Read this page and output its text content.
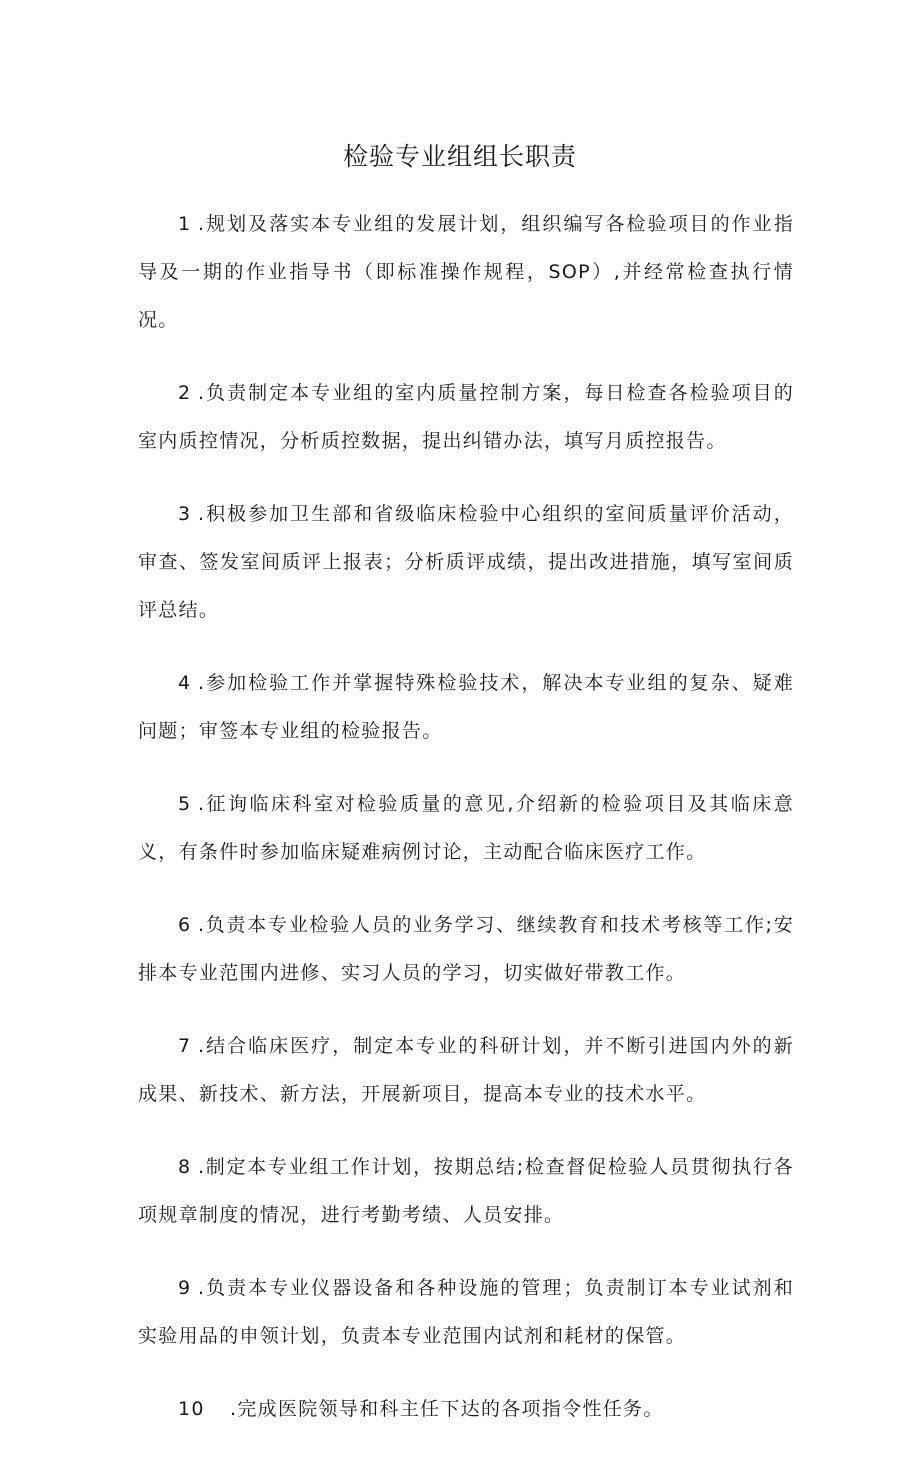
检验专业组组长职责

1 .规划及落实本专业组的发展计划，组织编写各检验项目的作业指导及一期的作业指导书（即标准操作规程，SOP）,并经常检查执行情况。

2 .负责制定本专业组的室内质量控制方案，每日检查各检验项目的室内质控情况，分析质控数据，提出纠错办法，填写月质控报告。

3 .积极参加卫生部和省级临床检验中心组织的室间质量评价活动，审查、签发室间质评上报表；分析质评成绩，提出改进措施，填写室间质评总结。

4 .参加检验工作并掌握特殊检验技术，解决本专业组的复杂、疑难问题；审签本专业组的检验报告。

5 .征询临床科室对检验质量的意见,介绍新的检验项目及其临床意义，有条件时参加临床疑难病例讨论，主动配合临床医疗工作。

6 .负责本专业检验人员的业务学习、继续教育和技术考核等工作;安排本专业范围内进修、实习人员的学习，切实做好带教工作。

7 .结合临床医疗，制定本专业的科研计划，并不断引进国内外的新成果、新技术、新方法，开展新项目，提高本专业的技术水平。

8 .制定本专业组工作计划，按期总结;检查督促检验人员贯彻执行各项规章制度的情况，进行考勤考绩、人员安排。

9 .负责本专业仪器设备和各种设施的管理；负责制订本专业试剂和实验用品的申领计划，负责本专业范围内试剂和耗材的保管。

10 .完成医院领导和科主任下达的各项指令性任务。
